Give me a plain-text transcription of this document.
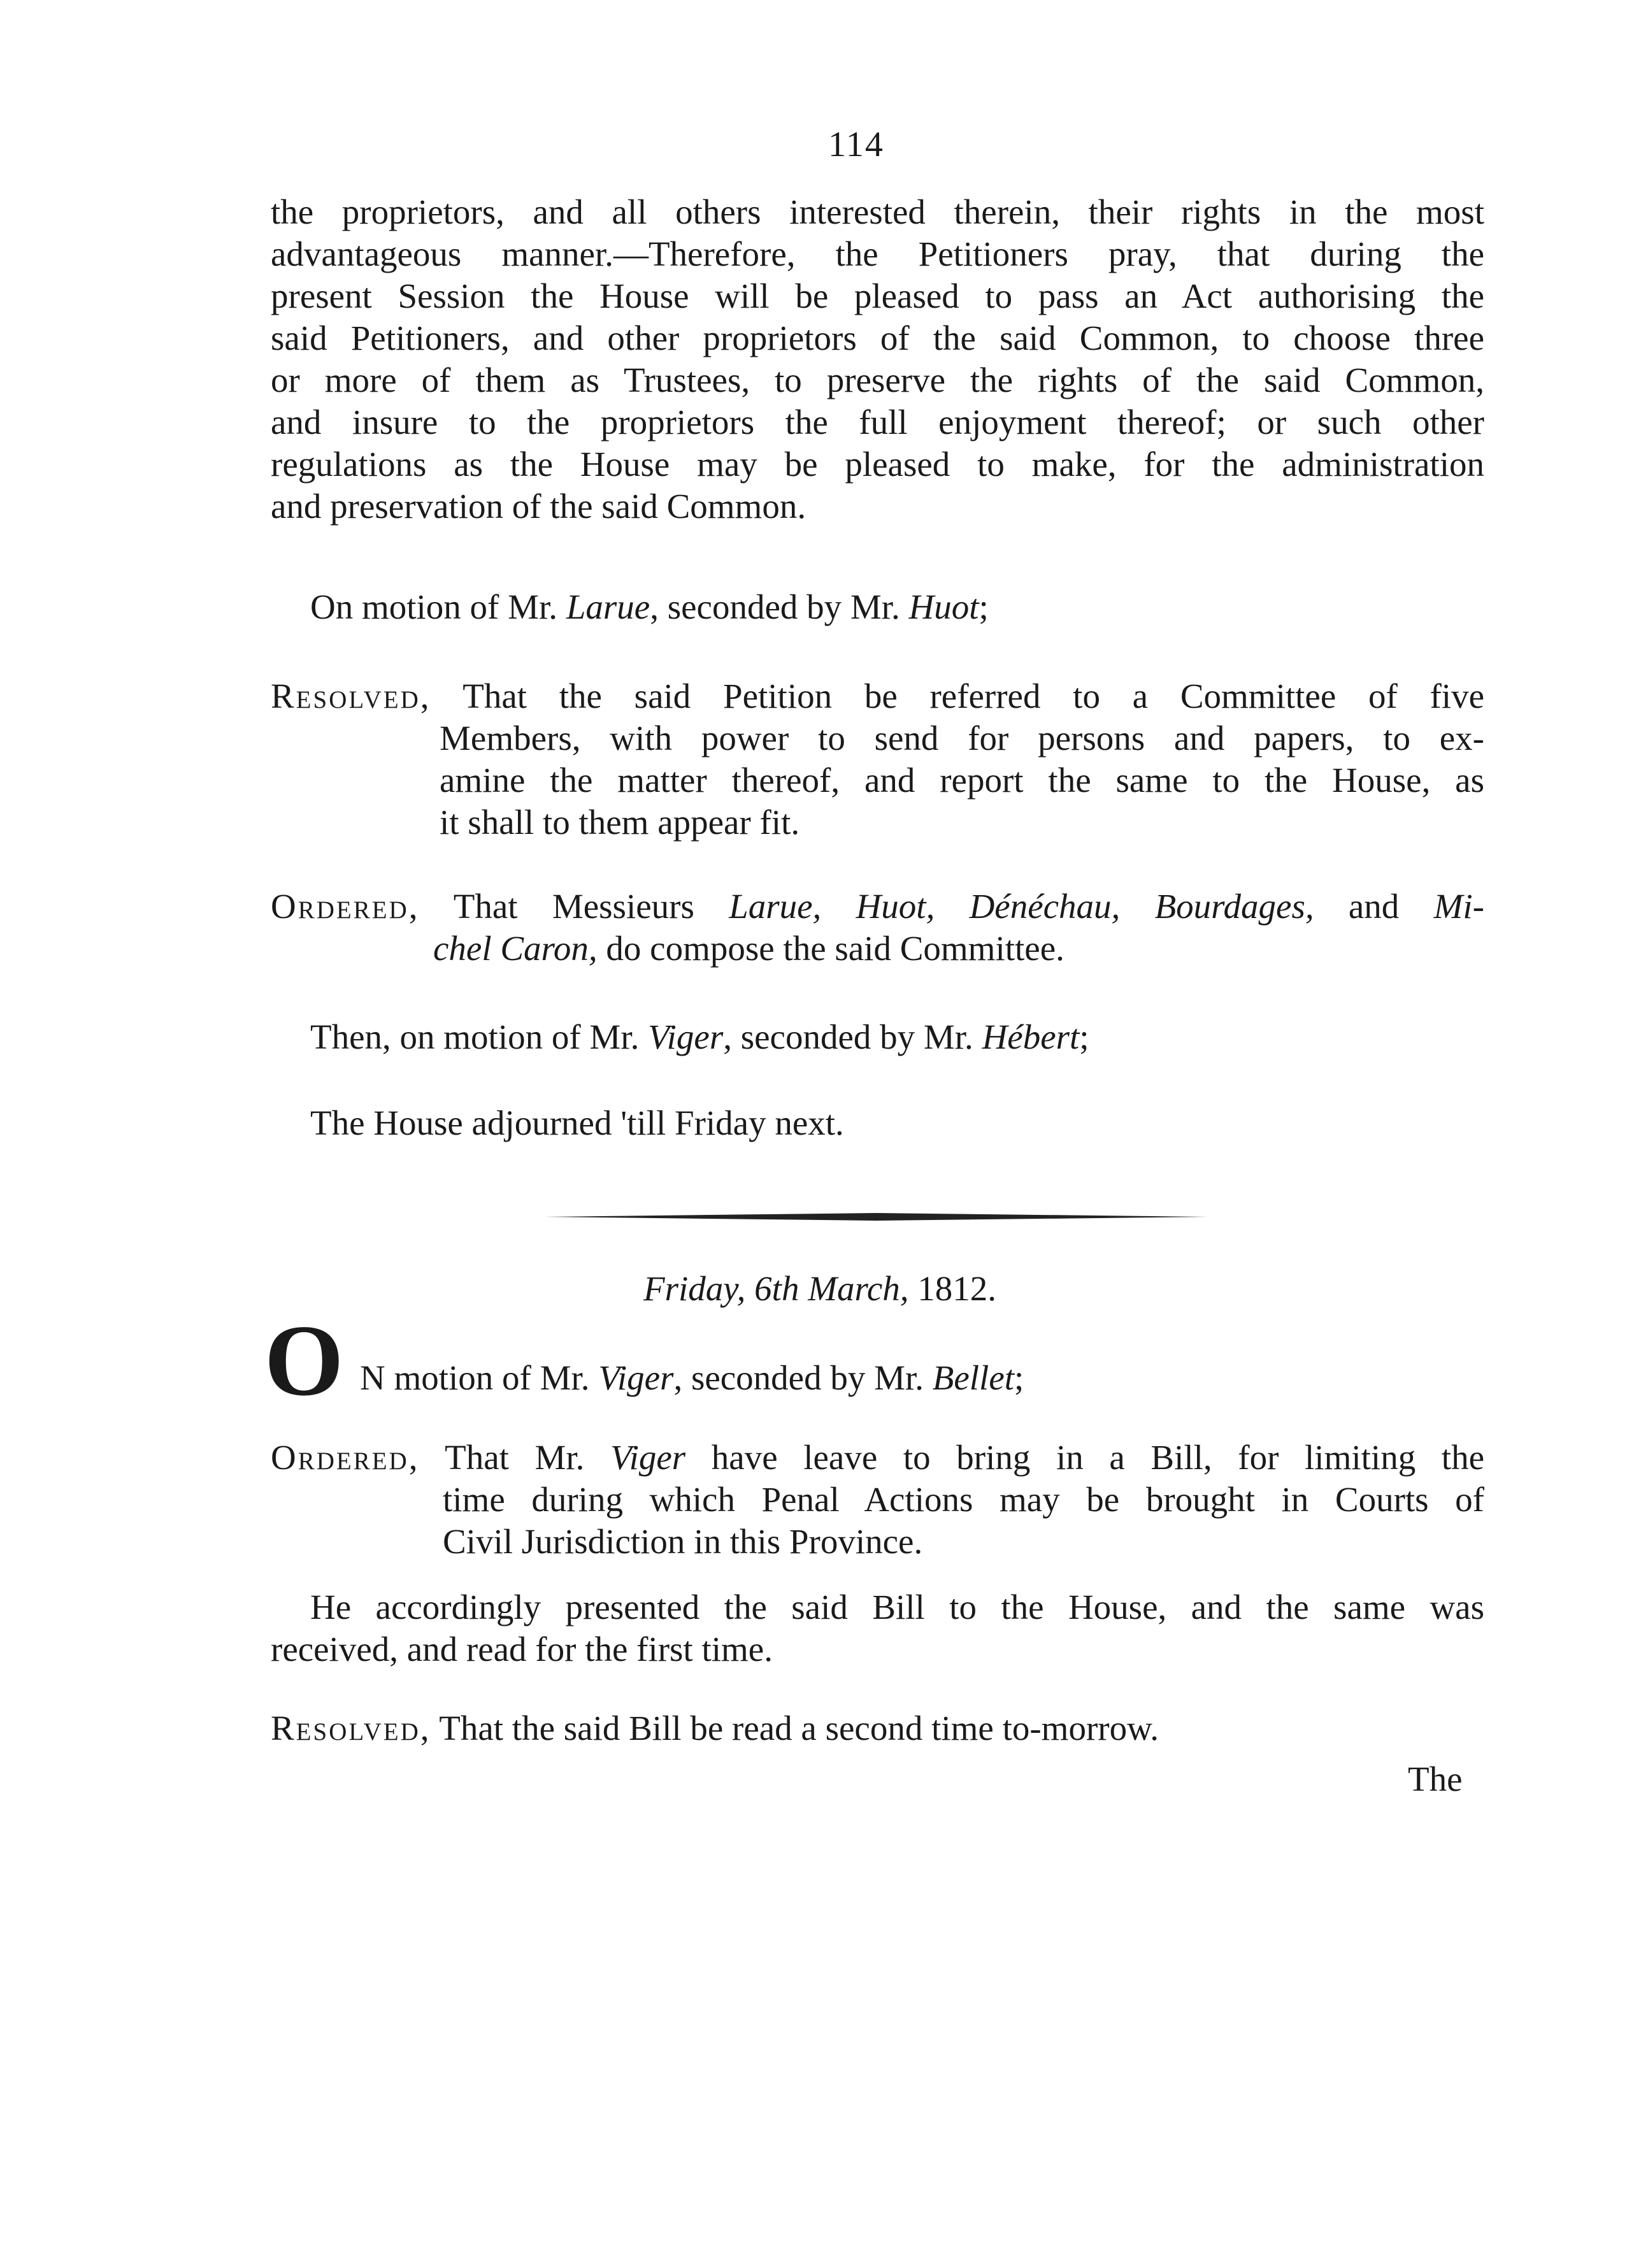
114

the proprietors, and all others interested therein, their rights in the most
advantageous manner.—Therefore, the Petitioners pray, that during the
present Session the House will be pleased to pass an Act authorising the
said Petitioners, and other proprietors of the said Common, to choose three
or more of them as Trustees, to preserve the rights of the said Common,
and insure to the proprietors the full enjoyment thereof; or such other
regulations as the House may be pleased to make, for the administration
and preservation of the said Common.

On motion of Mr. Larue, seconded by Mr. Huot;

Resolved, That the said Petition be referred to a Committee of five
Members, with power to send for persons and papers, to ex-
amine the matter thereof, and report the same to the House, as
it shall to them appear fit.

Ordered, That Messieurs Larue, Huot, Dénéchau, Bourdages, and Mi-
chel Caron, do compose the said Committee.

Then, on motion of Mr. Viger, seconded by Mr. Hébert;

The House adjourned 'till Friday next.

Friday, 6th March, 1812.
O N motion of Mr. Viger, seconded by Mr. Bellet;

Ordered, That Mr. Viger have leave to bring in a Bill, for limiting the
time during which Penal Actions may be brought in Courts of
Civil Jurisdiction in this Province.

He accordingly presented the said Bill to the House, and the same was
received, and read for the first time.

Resolved, That the said Bill be read a second time to-morrow.

The
